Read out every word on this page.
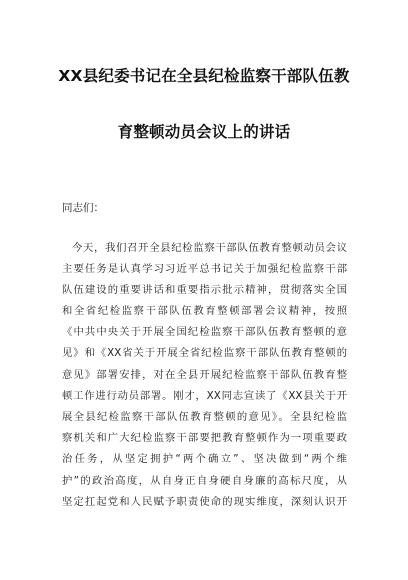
XX县纪委书记在全县纪检监察干部队伍教
育整顿动员会议上的讲话
同志们：
今天，我们召开全县纪检监察干部队伍教育整顿动员会议
主要任务是认真学习习近平总书记关于加强纪检监察干部
队伍建设的重要讲话和重要指示批示精神，贯彻落实全国
和全省纪检监察干部队伍教育整顿部署会议精神，按照
《中共中央关于开展全国纪检监察干部队伍教育整顿的意
见》和《XX省关于开展全省纪检监察干部队伍教育整顿的
意见》部署安排，对在全县开展纪检监察干部队伍教育整
顿工作进行动员部署。刚才，XX同志宣读了《XX县关于开
展全县纪检监察干部队伍教育整顿的意见》。全县纪检监
察机关和广大纪检监察干部要把教育整顿作为一项重要政
治任务，从坚定拥护“两个确立”、坚决做到“两个维
护”的政治高度，从自身正自身硬自身廉的高标尺度，从
坚定扛起党和人民赋予职责使命的现实维度，深刻认识开
